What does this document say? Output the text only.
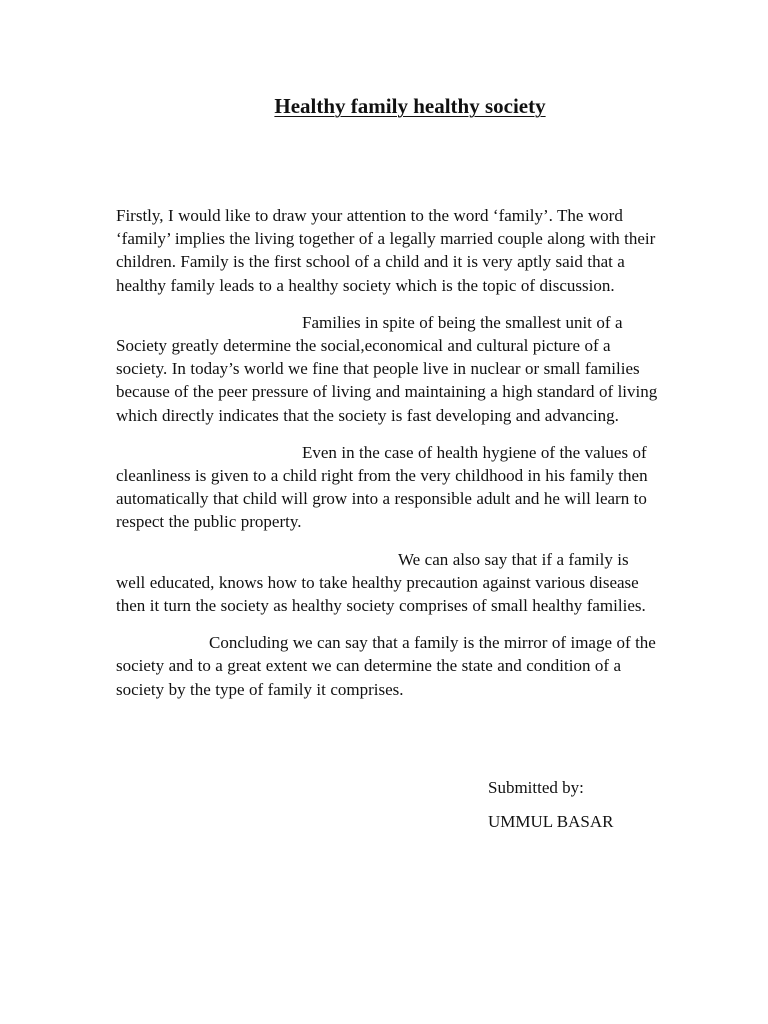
Healthy family healthy society

Firstly, I would like to draw your attention to the word ‘family’. The word ‘family’ implies the living together of a legally married couple along with their children. Family is the first school of a child and it is very aptly said that a healthy family leads to a healthy society which is the topic of discussion.

Families in spite of being the smallest unit of a Society greatly determine the social,economical and cultural picture of a society. In today’s world we fine that people live in nuclear or small families because of the peer pressure of living and maintaining a high standard of living which directly indicates that the society is fast developing and advancing.

Even in the case of health hygiene of the values of cleanliness is given to a child right from the very childhood in his family then automatically that child will grow into a responsible adult and he will learn to respect the public property.

We can also say that if a family is well educated, knows how to take healthy precaution against various disease then it turn the society as healthy society comprises of small healthy families.

Concluding we can say that a family is the mirror of image of the society and to a great extent we can determine the state and condition of a society by the type of family it comprises.

Submitted by:

UMMUL BASAR
